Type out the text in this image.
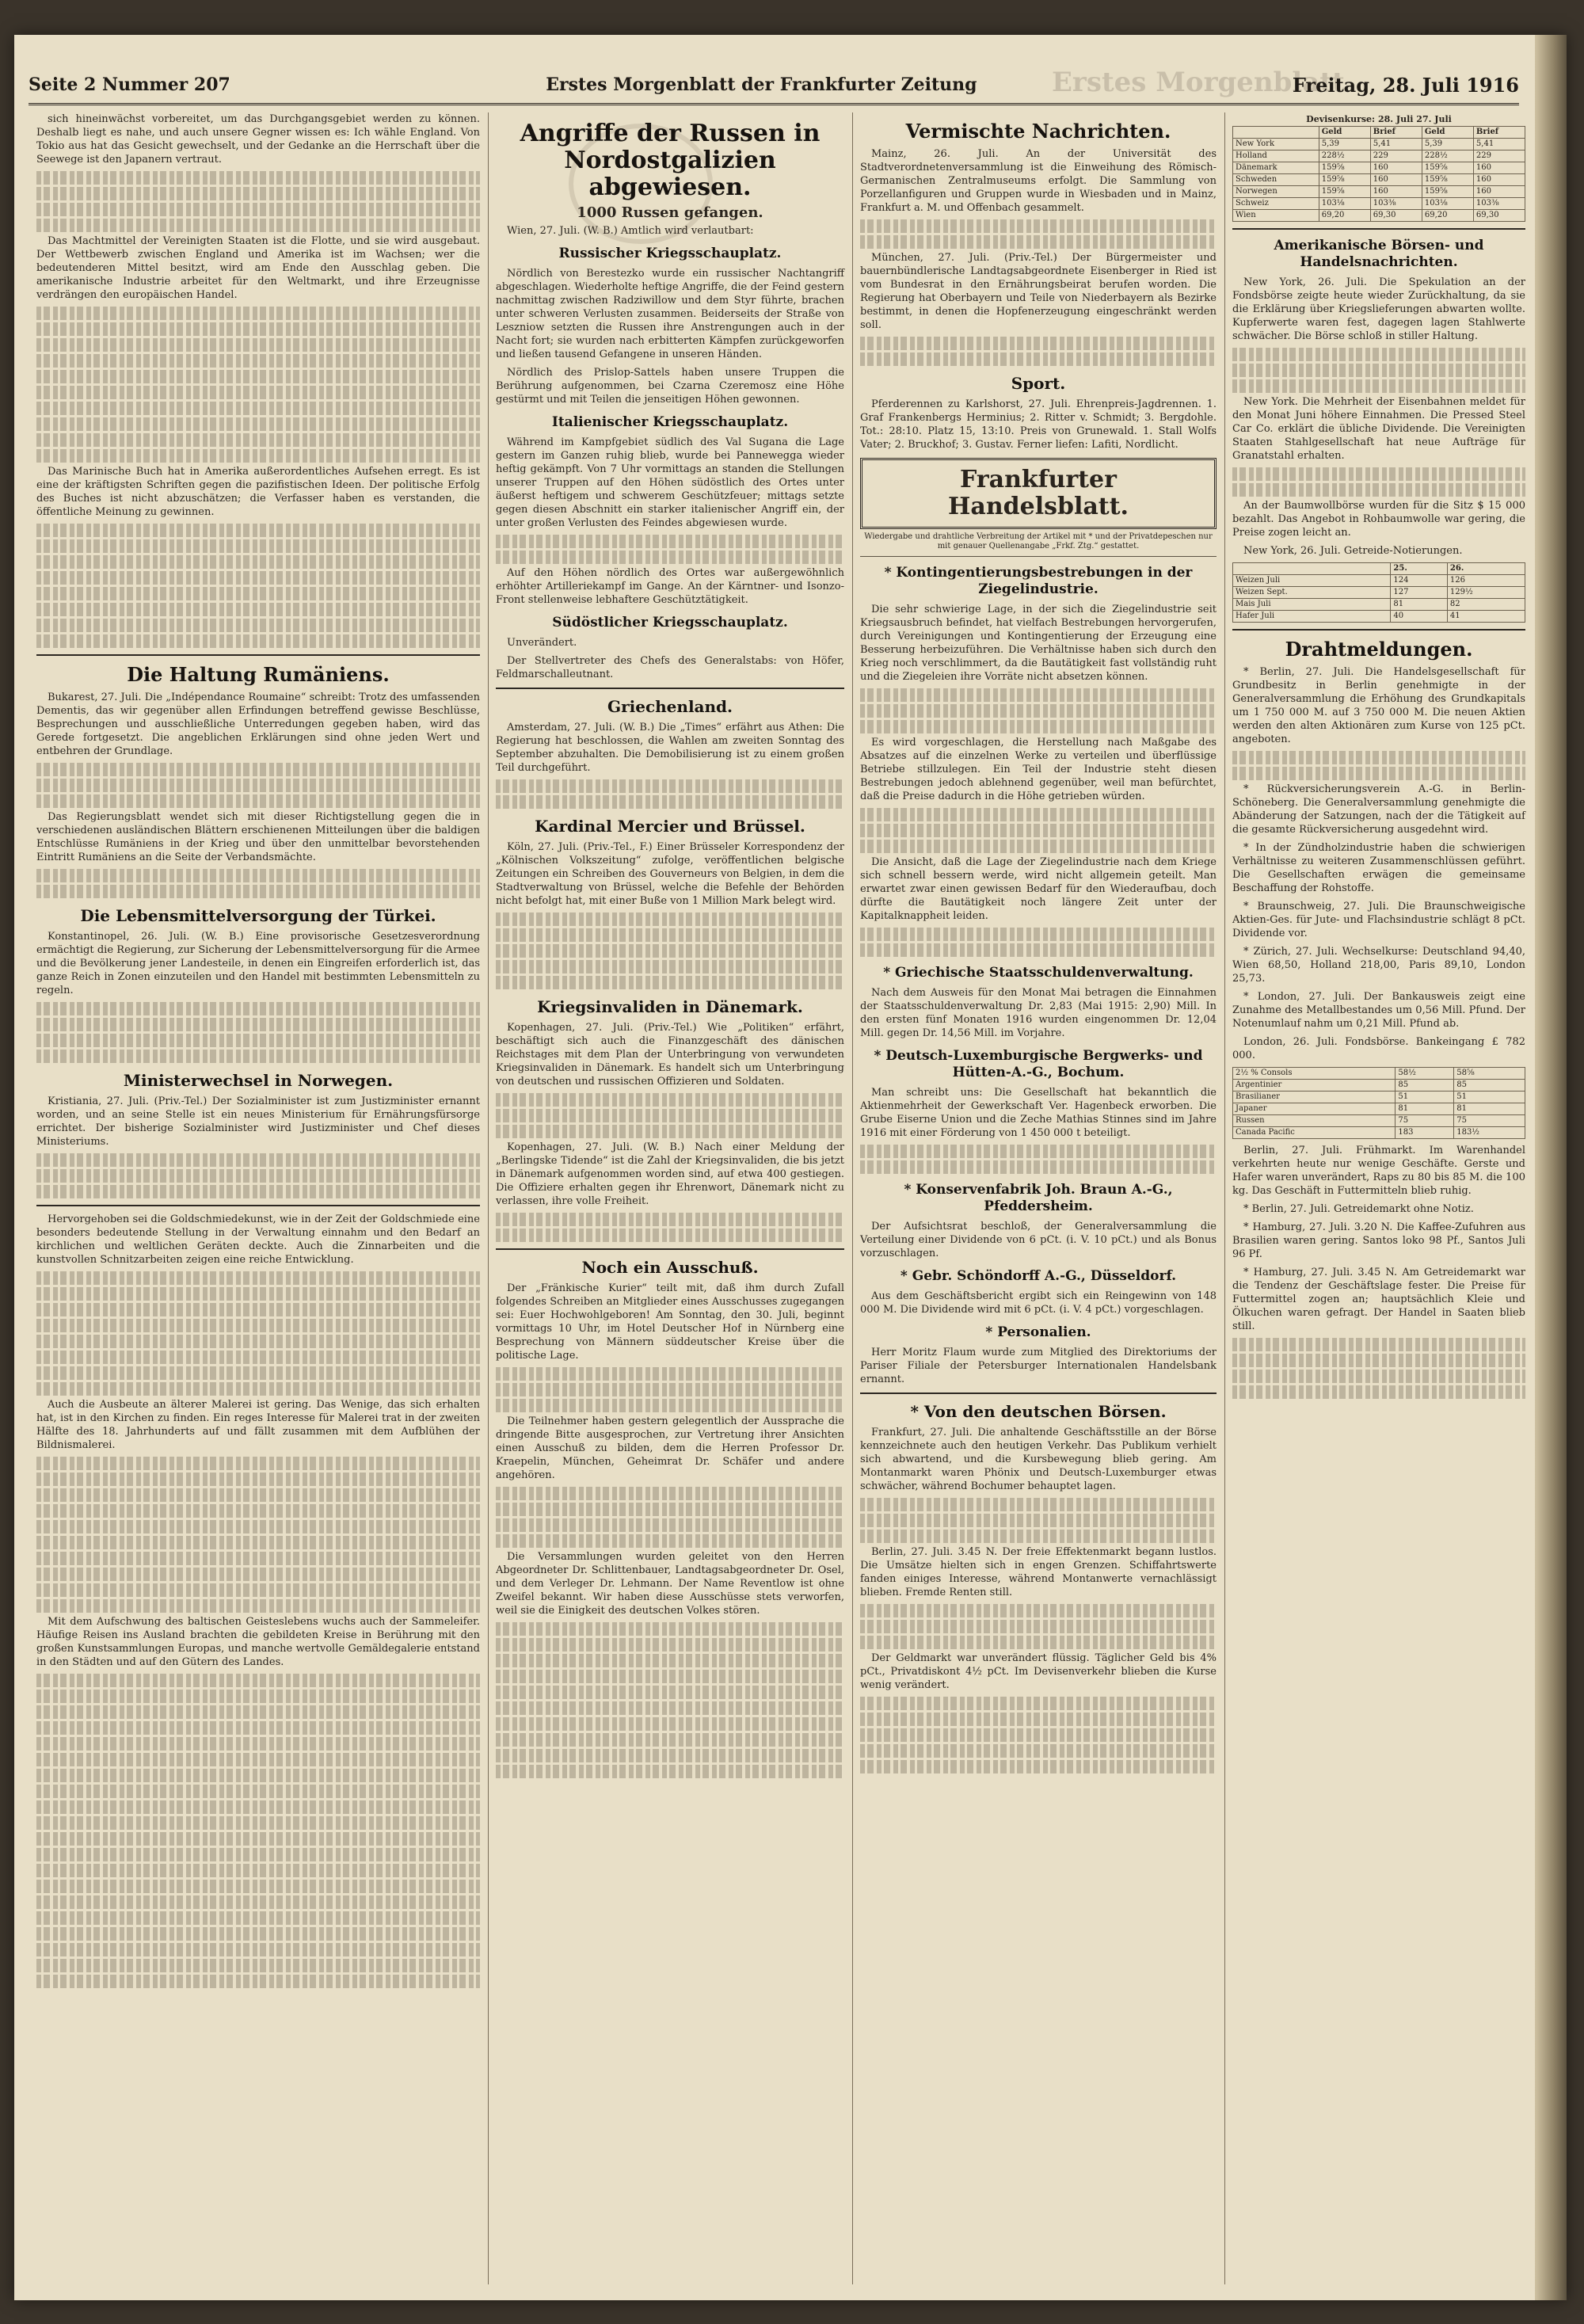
Erstes Morgenblatt
Seite 2 Nummer 207	Erstes Morgenblatt der Frankfurter Zeitung	Freitag, 28. Juli 1916

sich hineinwächst vorbereitet, um das Durchgangsgebiet werden zu können. Deshalb liegt es nahe, und auch unsere Gegner wissen es: Ich wähle England. Von Tokio aus hat das Gesicht gewechselt, und der Gedanke an die Herrschaft über die Seewege ist den Japanern vertraut.

Das Machtmittel der Vereinigten Staaten ist die Flotte, und sie wird ausgebaut. Der Wettbewerb zwischen England und Amerika ist im Wachsen; wer die bedeutenderen Mittel besitzt, wird am Ende den Ausschlag geben. Die amerikanische Industrie arbeitet für den Weltmarkt, und ihre Erzeugnisse verdrängen den europäischen Handel.

Das Marinische Buch hat in Amerika außerordentliches Aufsehen erregt. Es ist eine der kräftigsten Schriften gegen die pazifistischen Ideen. Der politische Erfolg des Buches ist nicht abzuschätzen; die Verfasser haben es verstanden, die öffentliche Meinung zu gewinnen.

Die Haltung Rumäniens.

Bukarest, 27. Juli. Die „Indépendance Roumaine“ schreibt: Trotz des umfassenden Dementis, das wir gegenüber allen Erfindungen betreffend gewisse Beschlüsse, Besprechungen und ausschließliche Unterredungen gegeben haben, wird das Gerede fortgesetzt. Die angeblichen Erklärungen sind ohne jeden Wert und entbehren der Grundlage.

Das Regierungsblatt wendet sich mit dieser Richtigstellung gegen die in verschiedenen ausländischen Blättern erschienenen Mitteilungen über die baldigen Entschlüsse Rumäniens in der Krieg und über den unmittelbar bevorstehenden Eintritt Rumäniens an die Seite der Verbandsmächte.

Die Lebensmittelversorgung der Türkei.

Konstantinopel, 26. Juli. (W. B.) Eine provisorische Gesetzesverordnung ermächtigt die Regierung, zur Sicherung der Lebensmittelversorgung für die Armee und die Bevölkerung jener Landesteile, in denen ein Eingreifen erforderlich ist, das ganze Reich in Zonen einzuteilen und den Handel mit bestimmten Lebensmitteln zu regeln.

Ministerwechsel in Norwegen.

Kristiania, 27. Juli. (Priv.-Tel.) Der Sozialminister ist zum Justizminister ernannt worden, und an seine Stelle ist ein neues Ministerium für Ernährungsfürsorge errichtet. Der bisherige Sozialminister wird Justizminister und Chef dieses Ministeriums.

Hervorgehoben sei die Goldschmiedekunst, wie in der Zeit der Goldschmiede eine besonders bedeutende Stellung in der Verwaltung einnahm und den Bedarf an kirchlichen und weltlichen Geräten deckte. Auch die Zinnarbeiten und die kunstvollen Schnitzarbeiten zeigen eine reiche Entwicklung.

Auch die Ausbeute an älterer Malerei ist gering. Das Wenige, das sich erhalten hat, ist in den Kirchen zu finden. Ein reges Interesse für Malerei trat in der zweiten Hälfte des 18. Jahrhunderts auf und fällt zusammen mit dem Aufblühen der Bildnismalerei.

Mit dem Aufschwung des baltischen Geisteslebens wuchs auch der Sammeleifer. Häufige Reisen ins Ausland brachten die gebildeten Kreise in Berührung mit den großen Kunstsammlungen Europas, und manche wertvolle Gemäldegalerie entstand in den Städten und auf den Gütern des Landes.

Angriffe der Russen in Nordostgalizien abgewiesen.
1000 Russen gefangen.

Wien, 27. Juli. (W. B.) Amtlich wird verlautbart:

Russischer Kriegsschauplatz.

Nördlich von Berestezko wurde ein russischer Nachtangriff abgeschlagen. Wiederholte heftige Angriffe, die der Feind gestern nachmittag zwischen Radziwillow und dem Styr führte, brachen unter schweren Verlusten zusammen. Beiderseits der Straße von Leszniow setzten die Russen ihre Anstrengungen auch in der Nacht fort; sie wurden nach erbitterten Kämpfen zurückgeworfen und ließen tausend Gefangene in unseren Händen.

Nördlich des Prislop-Sattels haben unsere Truppen die Berührung aufgenommen, bei Czarna Czeremosz eine Höhe gestürmt und mit Teilen die jenseitigen Höhen gewonnen.

Italienischer Kriegsschauplatz.

Während im Kampfgebiet südlich des Val Sugana die Lage gestern im Ganzen ruhig blieb, wurde bei Pannewegga wieder heftig gekämpft. Von 7 Uhr vormittags an standen die Stellungen unserer Truppen auf den Höhen südöstlich des Ortes unter äußerst heftigem und schwerem Geschützfeuer; mittags setzte gegen diesen Abschnitt ein starker italienischer Angriff ein, der unter großen Verlusten des Feindes abgewiesen wurde.

Auf den Höhen nördlich des Ortes war außergewöhnlich erhöhter Artilleriekampf im Gange. An der Kärntner- und Isonzo-Front stellenweise lebhaftere Geschütztätigkeit.

Südöstlicher Kriegsschauplatz.

Unverändert.

Der Stellvertreter des Chefs des Generalstabs: von Höfer, Feldmarschalleutnant.

Griechenland.

Amsterdam, 27. Juli. (W. B.) Die „Times“ erfährt aus Athen: Die Regierung hat beschlossen, die Wahlen am zweiten Sonntag des September abzuhalten. Die Demobilisierung ist zu einem großen Teil durchgeführt.

Kardinal Mercier und Brüssel.

Köln, 27. Juli. (Priv.-Tel., F.) Einer Brüsseler Korrespondenz der „Kölnischen Volkszeitung“ zufolge, veröffentlichen belgische Zeitungen ein Schreiben des Gouverneurs von Belgien, in dem die Stadtverwaltung von Brüssel, welche die Befehle der Behörden nicht befolgt hat, mit einer Buße von 1 Million Mark belegt wird.

Kriegsinvaliden in Dänemark.

Kopenhagen, 27. Juli. (Priv.-Tel.) Wie „Politiken“ erfährt, beschäftigt sich auch die Finanzgeschäft des dänischen Reichstages mit dem Plan der Unterbringung von verwundeten Kriegsinvaliden in Dänemark. Es handelt sich um Unterbringung von deutschen und russischen Offizieren und Soldaten.

Kopenhagen, 27. Juli. (W. B.) Nach einer Meldung der „Berlingske Tidende“ ist die Zahl der Kriegsinvaliden, die bis jetzt in Dänemark aufgenommen worden sind, auf etwa 400 gestiegen. Die Offiziere erhalten gegen ihr Ehrenwort, Dänemark nicht zu verlassen, ihre volle Freiheit.

Noch ein Ausschuß.

Der „Fränkische Kurier“ teilt mit, daß ihm durch Zufall folgendes Schreiben an Mitglieder eines Ausschusses zugegangen sei: Euer Hochwohlgeboren! Am Sonntag, den 30. Juli, beginnt vormittags 10 Uhr, im Hotel Deutscher Hof in Nürnberg eine Besprechung von Männern süddeutscher Kreise über die politische Lage.

Die Teilnehmer haben gestern gelegentlich der Aussprache die dringende Bitte ausgesprochen, zur Vertretung ihrer Ansichten einen Ausschuß zu bilden, dem die Herren Professor Dr. Kraepelin, München, Geheimrat Dr. Schäfer und andere angehören.

Die Versammlungen wurden geleitet von den Herren Abgeordneter Dr. Schlittenbauer, Landtagsabgeordneter Dr. Osel, und dem Verleger Dr. Lehmann. Der Name Reventlow ist ohne Zweifel bekannt. Wir haben diese Ausschüsse stets verworfen, weil sie die Einigkeit des deutschen Volkes stören.

Vermischte Nachrichten.

Mainz, 26. Juli. An der Universität des Stadtverordnetenversammlung ist die Einweihung des Römisch-Germanischen Zentralmuseums erfolgt. Die Sammlung von Porzellanfiguren und Gruppen wurde in Wiesbaden und in Mainz, Frankfurt a. M. und Offenbach gesammelt.

München, 27. Juli. (Priv.-Tel.) Der Bürgermeister und bauernbündlerische Landtagsabgeordnete Eisenberger in Ried ist vom Bundesrat in den Ernährungsbeirat berufen worden. Die Regierung hat Oberbayern und Teile von Niederbayern als Bezirke bestimmt, in denen die Hopfenerzeugung eingeschränkt werden soll.

Sport.

Pferderennen zu Karlshorst, 27. Juli. Ehrenpreis-Jagdrennen. 1. Graf Frankenbergs Herminius; 2. Ritter v. Schmidt; 3. Bergdohle. Tot.: 28:10. Platz 15, 13:10. Preis von Grunewald. 1. Stall Wolfs Vater; 2. Bruckhof; 3. Gustav. Ferner liefen: Lafiti, Nordlicht.

Frankfurter Handelsblatt.
Wiedergabe und drahtliche Verbreitung der Artikel mit * und der Privatdepeschen nur mit genauer Quellenangabe „Frkf. Ztg.“ gestattet.
* Kontingentierungsbestrebungen in der Ziegelindustrie.

Die sehr schwierige Lage, in der sich die Ziegelindustrie seit Kriegsausbruch befindet, hat vielfach Bestrebungen hervorgerufen, durch Vereinigungen und Kontingentierung der Erzeugung eine Besserung herbeizuführen. Die Verhältnisse haben sich durch den Krieg noch verschlimmert, da die Bautätigkeit fast vollständig ruht und die Ziegeleien ihre Vorräte nicht absetzen können.

Es wird vorgeschlagen, die Herstellung nach Maßgabe des Absatzes auf die einzelnen Werke zu verteilen und überflüssige Betriebe stillzulegen. Ein Teil der Industrie steht diesen Bestrebungen jedoch ablehnend gegenüber, weil man befürchtet, daß die Preise dadurch in die Höhe getrieben würden.

Die Ansicht, daß die Lage der Ziegelindustrie nach dem Kriege sich schnell bessern werde, wird nicht allgemein geteilt. Man erwartet zwar einen gewissen Bedarf für den Wiederaufbau, doch dürfte die Bautätigkeit noch längere Zeit unter der Kapitalknappheit leiden.

* Griechische Staatsschuldenverwaltung.

Nach dem Ausweis für den Monat Mai betragen die Einnahmen der Staatsschuldenverwaltung Dr. 2,83 (Mai 1915: 2,90) Mill. In den ersten fünf Monaten 1916 wurden eingenommen Dr. 12,04 Mill. gegen Dr. 14,56 Mill. im Vorjahre.

* Deutsch-Luxemburgische Bergwerks- und Hütten-A.-G., Bochum.

Man schreibt uns: Die Gesellschaft hat bekanntlich die Aktienmehrheit der Gewerkschaft Ver. Hagenbeck erworben. Die Grube Eiserne Union und die Zeche Mathias Stinnes sind im Jahre 1916 mit einer Förderung von 1 450 000 t beteiligt.

* Konservenfabrik Joh. Braun A.-G., Pfeddersheim.

Der Aufsichtsrat beschloß, der Generalversammlung die Verteilung einer Dividende von 6 pCt. (i. V. 10 pCt.) und als Bonus vorzuschlagen.

* Gebr. Schöndorff A.-G., Düsseldorf.

Aus dem Geschäftsbericht ergibt sich ein Reingewinn von 148 000 M. Die Dividende wird mit 6 pCt. (i. V. 4 pCt.) vorgeschlagen.

* Personalien.

Herr Moritz Flaum wurde zum Mitglied des Direktoriums der Pariser Filiale der Petersburger Internationalen Handelsbank ernannt.

* Von den deutschen Börsen.

Frankfurt, 27. Juli. Die anhaltende Geschäftsstille an der Börse kennzeichnete auch den heutigen Verkehr. Das Publikum verhielt sich abwartend, und die Kursbewegung blieb gering. Am Montanmarkt waren Phönix und Deutsch-Luxemburger etwas schwächer, während Bochumer behauptet lagen.

Berlin, 27. Juli. 3.45 N. Der freie Effektenmarkt begann lustlos. Die Umsätze hielten sich in engen Grenzen. Schiffahrtswerte fanden einiges Interesse, während Montanwerte vernachlässigt blieben. Fremde Renten still.

Der Geldmarkt war unverändert flüssig. Täglicher Geld bis 4% pCt., Privatdiskont 4½ pCt. Im Devisenverkehr blieben die Kurse wenig verändert.

Devisenkurse: 28. Juli 27. Juli
	Geld	Brief	Geld	Brief
New York	5,39	5,41	5,39	5,41
Holland	228½	229	228½	229
Dänemark	159⅝	160	159⅝	160
Schweden	159⅝	160	159⅝	160
Norwegen	159⅝	160	159⅝	160
Schweiz	103⅛	103⅜	103⅛	103⅜
Wien	69,20	69,30	69,20	69,30
Amerikanische Börsen- und Handelsnachrichten.

New York, 26. Juli. Die Spekulation an der Fondsbörse zeigte heute wieder Zurückhaltung, da sie die Erklärung über Kriegslieferungen abwarten wollte. Kupferwerte waren fest, dagegen lagen Stahlwerte schwächer. Die Börse schloß in stiller Haltung.

New York. Die Mehrheit der Eisenbahnen meldet für den Monat Juni höhere Einnahmen. Die Pressed Steel Car Co. erklärt die übliche Dividende. Die Vereinigten Staaten Stahlgesellschaft hat neue Aufträge für Granatstahl erhalten.

An der Baumwollbörse wurden für die Sitz $ 15 000 bezahlt. Das Angebot in Rohbaumwolle war gering, die Preise zogen leicht an.

New York, 26. Juli. Getreide-Notierungen.

	25.	26.
Weizen Juli	124	126
Weizen Sept.	127	129½
Mais Juli	81	82
Hafer Juli	40	41
Drahtmeldungen.

* Berlin, 27. Juli. Die Handelsgesellschaft für Grundbesitz in Berlin genehmigte in der Generalversammlung die Erhöhung des Grundkapitals um 1 750 000 M. auf 3 750 000 M. Die neuen Aktien werden den alten Aktionären zum Kurse von 125 pCt. angeboten.

* Rückversicherungsverein A.-G. in Berlin-Schöneberg. Die Generalversammlung genehmigte die Abänderung der Satzungen, nach der die Tätigkeit auf die gesamte Rückversicherung ausgedehnt wird.

* In der Zündholzindustrie haben die schwierigen Verhältnisse zu weiteren Zusammenschlüssen geführt. Die Gesellschaften erwägen die gemeinsame Beschaffung der Rohstoffe.

* Braunschweig, 27. Juli. Die Braunschweigische Aktien-Ges. für Jute- und Flachsindustrie schlägt 8 pCt. Dividende vor.

* Zürich, 27. Juli. Wechselkurse: Deutschland 94,40, Wien 68,50, Holland 218,00, Paris 89,10, London 25,73.

* London, 27. Juli. Der Bankausweis zeigt eine Zunahme des Metallbestandes um 0,56 Mill. Pfund. Der Notenumlauf nahm um 0,21 Mill. Pfund ab.

London, 26. Juli. Fondsbörse. Bankeingang £ 782 000.

2½ % Consols	58½	58⅝
Argentinier	85	85
Brasilianer	51	51
Japaner	81	81
Russen	75	75
Canada Pacific	183	183½

Berlin, 27. Juli. Frühmarkt. Im Warenhandel verkehrten heute nur wenige Geschäfte. Gerste und Hafer waren unverändert, Raps zu 80 bis 85 M. die 100 kg. Das Geschäft in Futtermitteln blieb ruhig.

* Berlin, 27. Juli. Getreidemarkt ohne Notiz.

* Hamburg, 27. Juli. 3.20 N. Die Kaffee-Zufuhren aus Brasilien waren gering. Santos loko 98 Pf., Santos Juli 96 Pf.

* Hamburg, 27. Juli. 3.45 N. Am Getreidemarkt war die Tendenz der Geschäftslage fester. Die Preise für Futtermittel zogen an; hauptsächlich Kleie und Ölkuchen waren gefragt. Der Handel in Saaten blieb still.
